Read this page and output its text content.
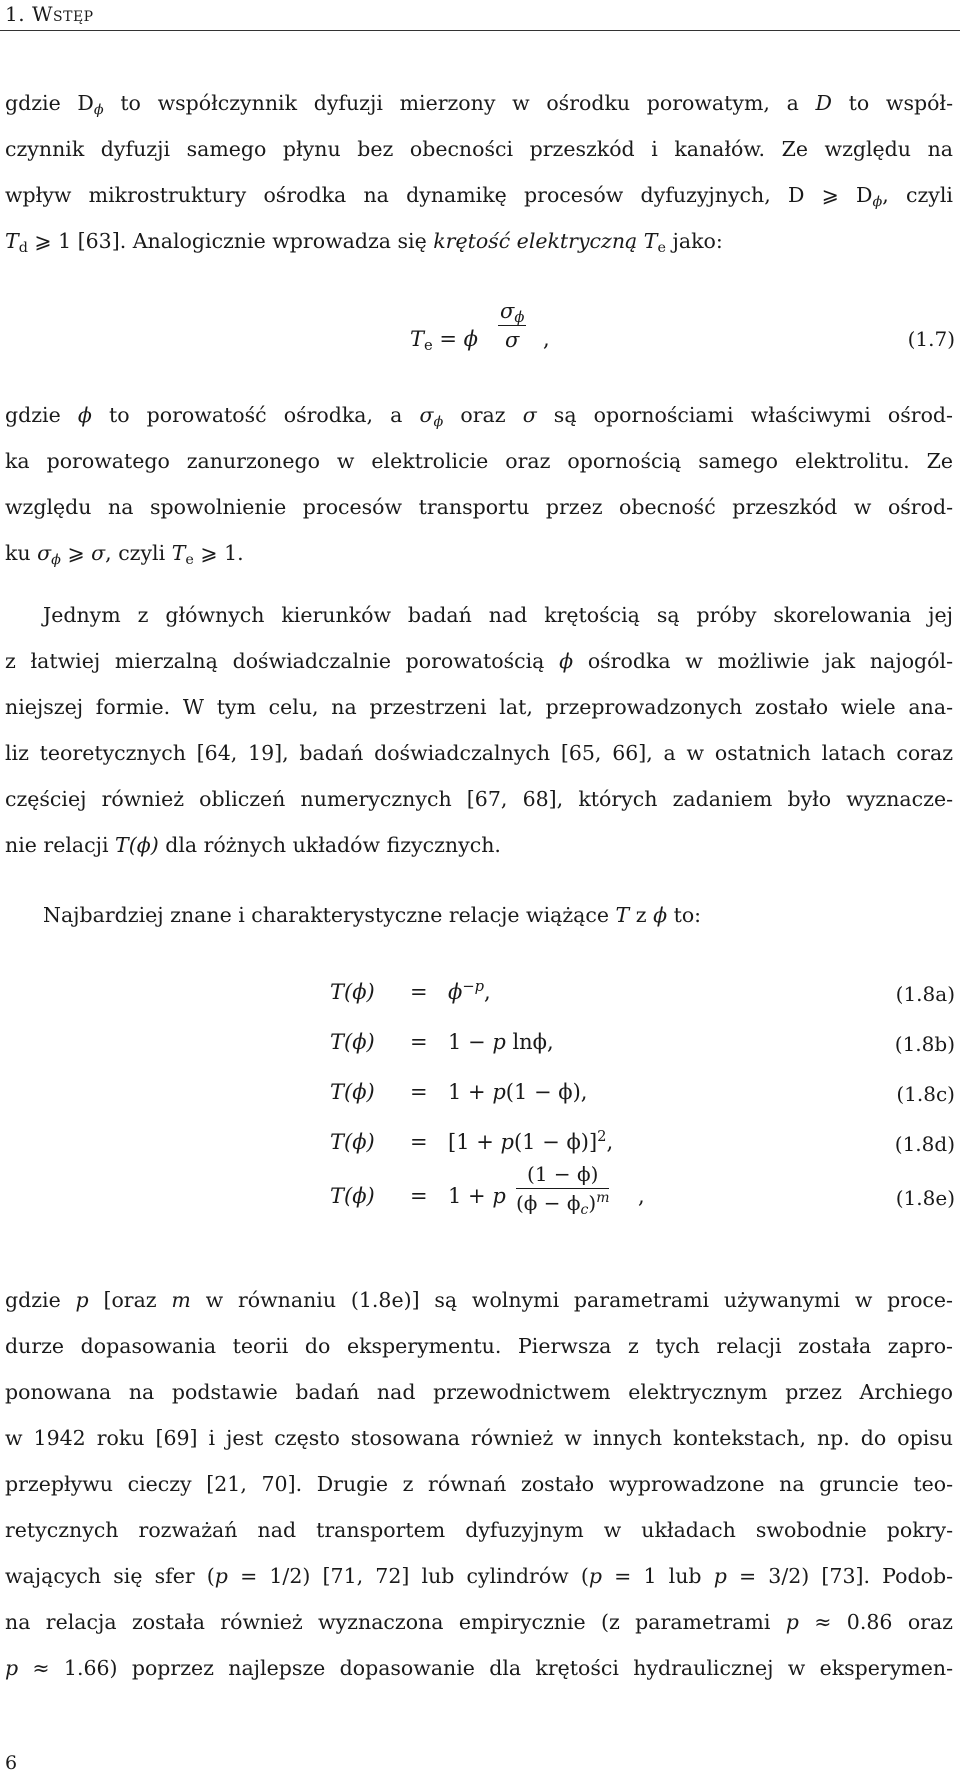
1. Wstęp
gdzie $D_\phi$ to współczynnik dyfuzji mierzony w ośrodku porowatym, a D to współ-
czynnik dyfuzji samego płynu bez obecności przeszkód i kanałów. Ze względu na
wpływ mikrostruktury ośrodka na dynamikę procesów dyfuzyjnych, D ⩾ $D_\phi$, czyli
$T_d$ ⩾ 1 [63]. Analogicznie wprowadza się krętość elektryczną $T_e$ jako:
$T_e = \phi$
$\sigma_\phi$
σ	,	(1.7)
gdzie ϕ to porowatość ośrodka, a $\sigma_\phi$ oraz σ są opornościami właściwymi ośrod-
ka porowatego zanurzonego w elektrolicie oraz opornością samego elektrolitu. Ze
względu na spowolnienie procesów transportu przez obecność przeszkód w ośrod-
ku $\sigma_\phi$ ⩾ σ, czyli $T_e$ ⩾ 1.
Jednym z głównych kierunków badań nad krętością są próby skorelowania jej
z łatwiej mierzalną doświadczalnie porowatością ϕ ośrodka w możliwie jak najogól-
niejszej formie. W tym celu, na przestrzeni lat, przeprowadzonych zostało wiele ana-
liz teoretycznych [64, 19], badań doświadczalnych [65, 66], a w ostatnich latach coraz
częściej również obliczeń numerycznych [67, 68], których zadaniem było wyznacze-
nie relacji T(ϕ) dla różnych układów fizycznych.
Najbardziej znane i charakterystyczne relacje wiążące T z ϕ to:
$T(\phi) = \phi^{-p}$,	(1.8a)
T(ϕ) = 1 − p lnϕ,	(1.8b)
T(ϕ) = 1 + p(1 − ϕ),	(1.8c)
$T(\phi) = [1 + p(1 - \phi)]^2$,	(1.8d)
T(ϕ) = 1 + p
(1 − ϕ)
$(\phi - \phi_c)^m$ ,	(1.8e)
gdzie p [oraz m w równaniu (1.8e)] są wolnymi parametrami używanymi w proce-
durze dopasowania teorii do eksperymentu. Pierwsza z tych relacji została zapro-
ponowana na podstawie badań nad przewodnictwem elektrycznym przez Archiego
w 1942 roku [69] i jest często stosowana również w innych kontekstach, np. do opisu
przepływu cieczy [21, 70]. Drugie z równań zostało wyprowadzone na gruncie teo-
retycznych rozważań nad transportem dyfuzyjnym w układach swobodnie pokry-
wających się sfer (p = 1/2) [71, 72] lub cylindrów (p = 1 lub p = 3/2) [73]. Podob-
na relacja została również wyznaczona empirycznie (z parametrami p ≈ 0.86 oraz
p ≈ 1.66) poprzez najlepsze dopasowanie dla krętości hydraulicznej w eksperymen-
6
